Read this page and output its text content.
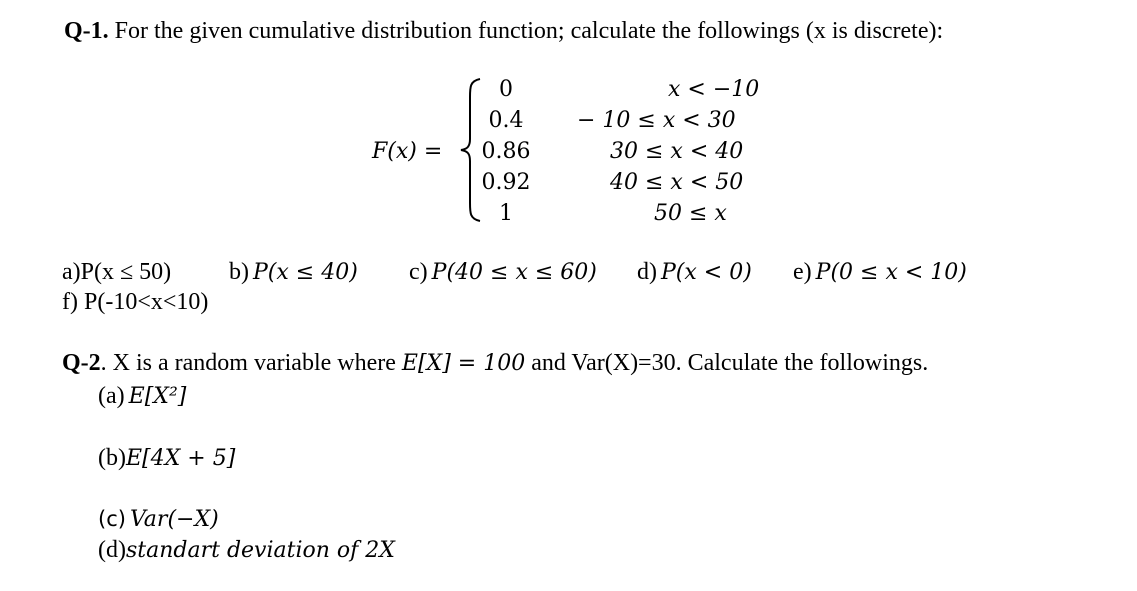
Q-1. For the given cumulative distribution function; calculate the followings (x is discrete):
F(x) =
0
0.4
0.86
0.92
1
x < −10
− 10 ≤ x < 30
30 ≤ x < 40
40 ≤ x < 50
50 ≤ x
a)P(x ≤ 50) b) P(x ≤ 40) c) P(40 ≤ x ≤ 60) d) P(x < 0) e) P(0 ≤ x < 10)
f) P(-10<x<10)
Q-2. X is a random variable where E[X] = 100 and Var(X)=30. Calculate the followings.
(a) E[X²]
(b)E[4X + 5]
(c) Var(−X)
(d)standart deviation of 2X
